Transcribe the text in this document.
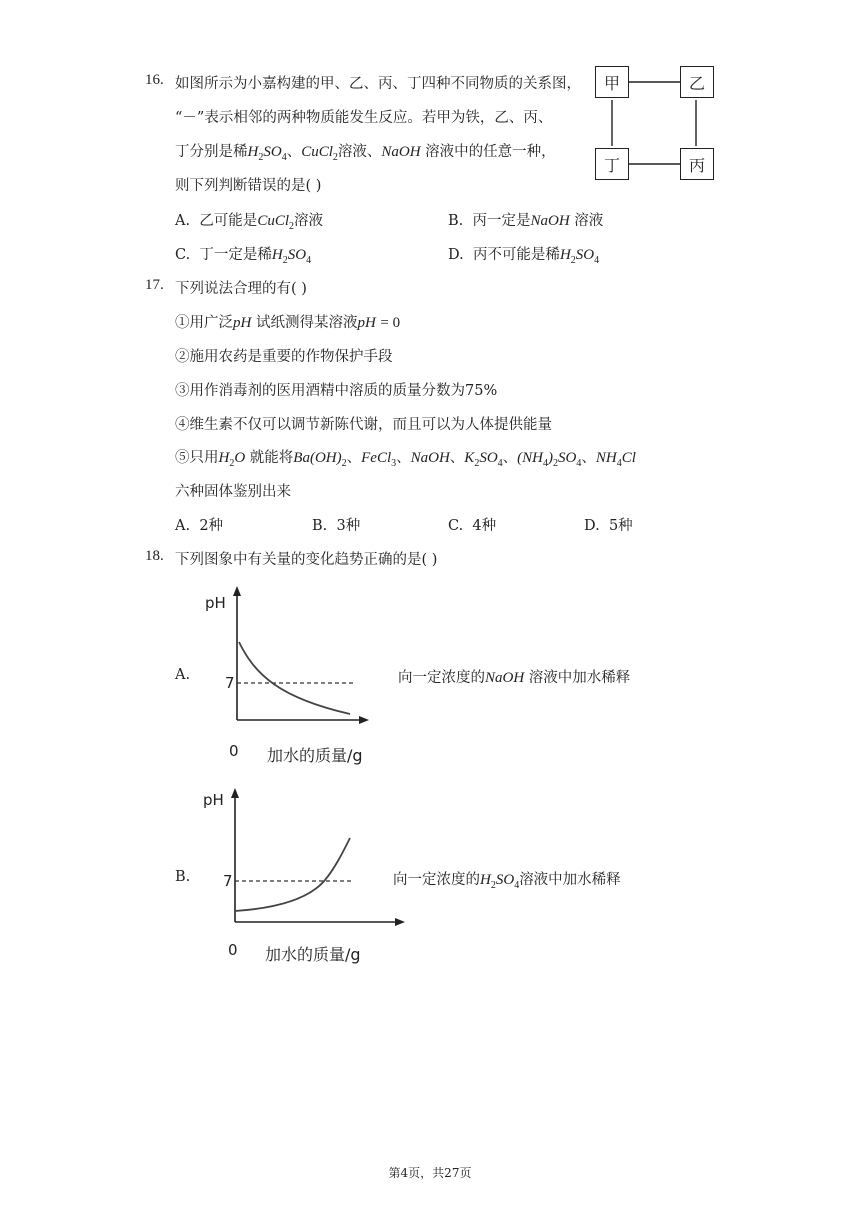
16. 如图所示为小嘉构建的甲、乙、丙、丁四种不同物质的关系图，
“－”表示相邻的两种物质能发生反应。若甲为铁，乙、丙、
丁分别是稀$H_2SO_4$、CuCl$_2$溶液、NaOH 溶液中的任意一种，
则下列判断错误的是( )
甲	乙
丁	丙
A. 乙可能是CuCl$_2$溶液	B. 丙一定是NaOH 溶液
C. 丁一定是稀$H_2SO_4$	D. 丙不可能是稀$H_2SO_4$
17. 下列说法合理的有( )
①用广泛pH 试纸测得某溶液pH = 0
②施用农药是重要的作物保护手段
③用作消毒剂的医用酒精中溶质的质量分数为75%
④维生素不仅可以调节新陈代谢，而且可以为人体提供能量
⑤只用$H_2O$ 就能将$Ba(OH)_2$、FeCl$_3$、NaOH、$K_2SO_4$、$(NH_4)_2SO_4$、$NH_4Cl$
六种固体鉴别出来
A. 2种	B. 3种	C. 4种	D. 5种
18. 下列图象中有关量的变化趋势正确的是( )
A.
pH
7
0 加水的质量/g
向一定浓度的NaOH 溶液中加水稀释
B.
pH
7
0 加水的质量/g
向一定浓度的$H_2SO_4$溶液中加水稀释
第4页，共27页
